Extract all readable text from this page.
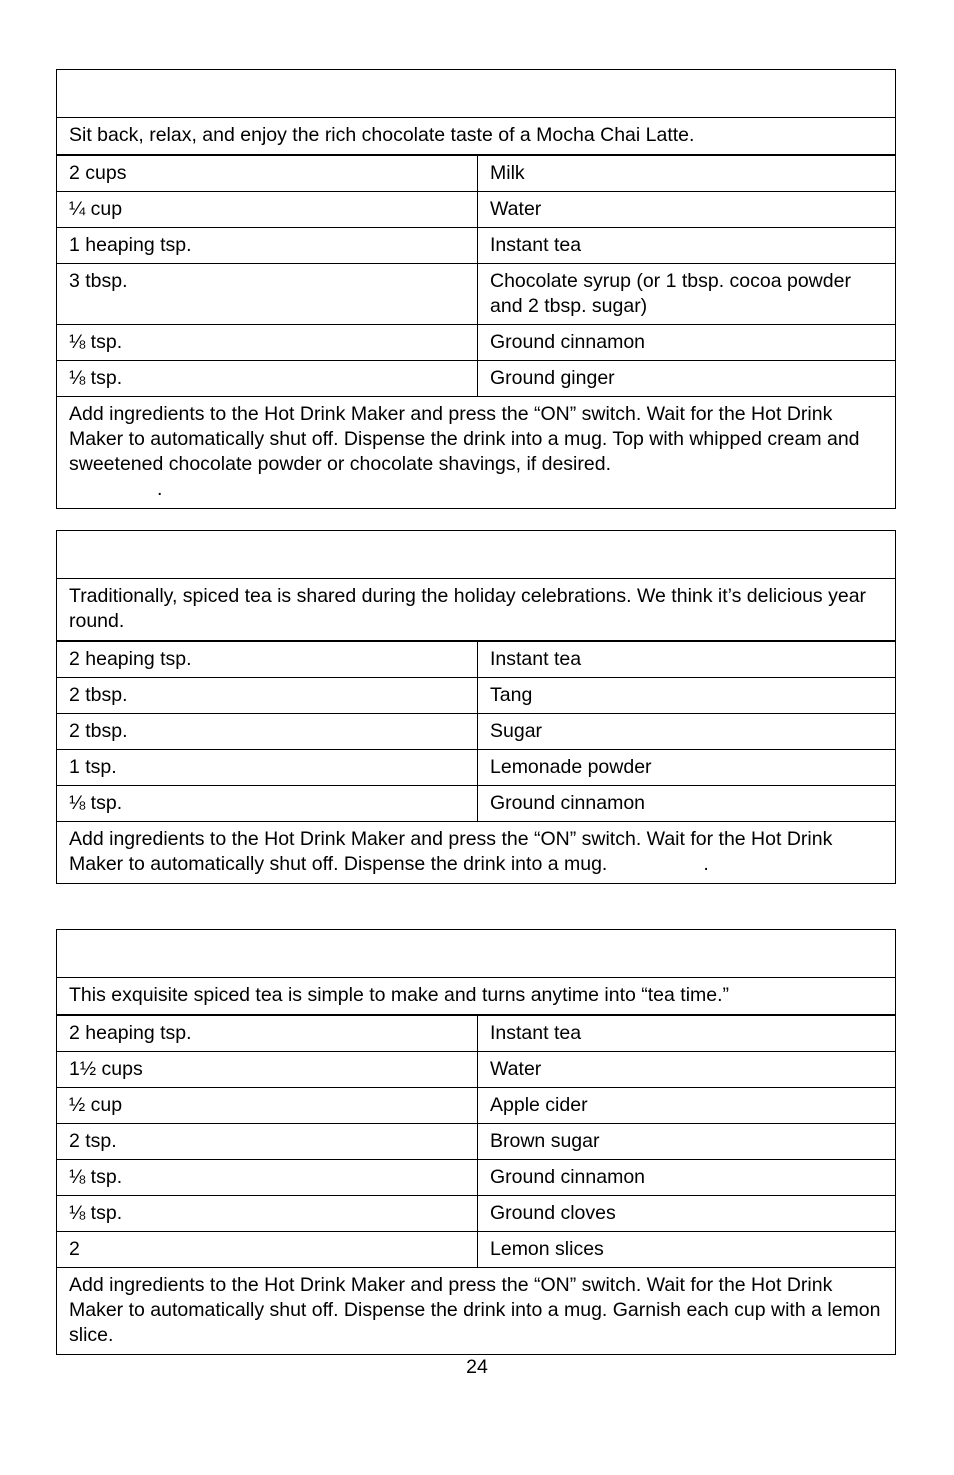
Sit back, relax, and enjoy the rich chocolate taste of a Mocha Chai Latte.
2 cups	Milk
¼ cup	Water
1 heaping tsp.	Instant tea
3 tbsp.	Chocolate syrup (or 1 tbsp. cocoa powder and 2 tbsp. sugar)
⅛ tsp.	Ground cinnamon
⅛ tsp.	Ground ginger
Add ingredients to the Hot Drink Maker and press the “ON” switch. Wait for the Hot Drink Maker to automatically shut off. Dispense the drink into a mug. Top with whipped cream and sweetened chocolate powder or chocolate shavings, if desired.
.
Traditionally, spiced tea is shared during the holiday celebrations. We think it’s delicious year round.
2 heaping tsp.	Instant tea
2 tbsp.	Tang
2 tbsp.	Sugar
1 tsp.	Lemonade powder
⅛ tsp.	Ground cinnamon
Add ingredients to the Hot Drink Maker and press the “ON” switch. Wait for the Hot Drink Maker to automatically shut off. Dispense the drink into a mug.	.
This exquisite spiced tea is simple to make and turns anytime into “tea time.”
2 heaping tsp.	Instant tea
1½ cups	Water
½ cup	Apple cider
2 tsp.	Brown sugar
⅛ tsp.	Ground cinnamon
⅛ tsp.	Ground cloves
2	Lemon slices
Add ingredients to the Hot Drink Maker and press the “ON” switch. Wait for the Hot Drink Maker to automatically shut off. Dispense the drink into a mug. Garnish each cup with a lemon slice.
24
